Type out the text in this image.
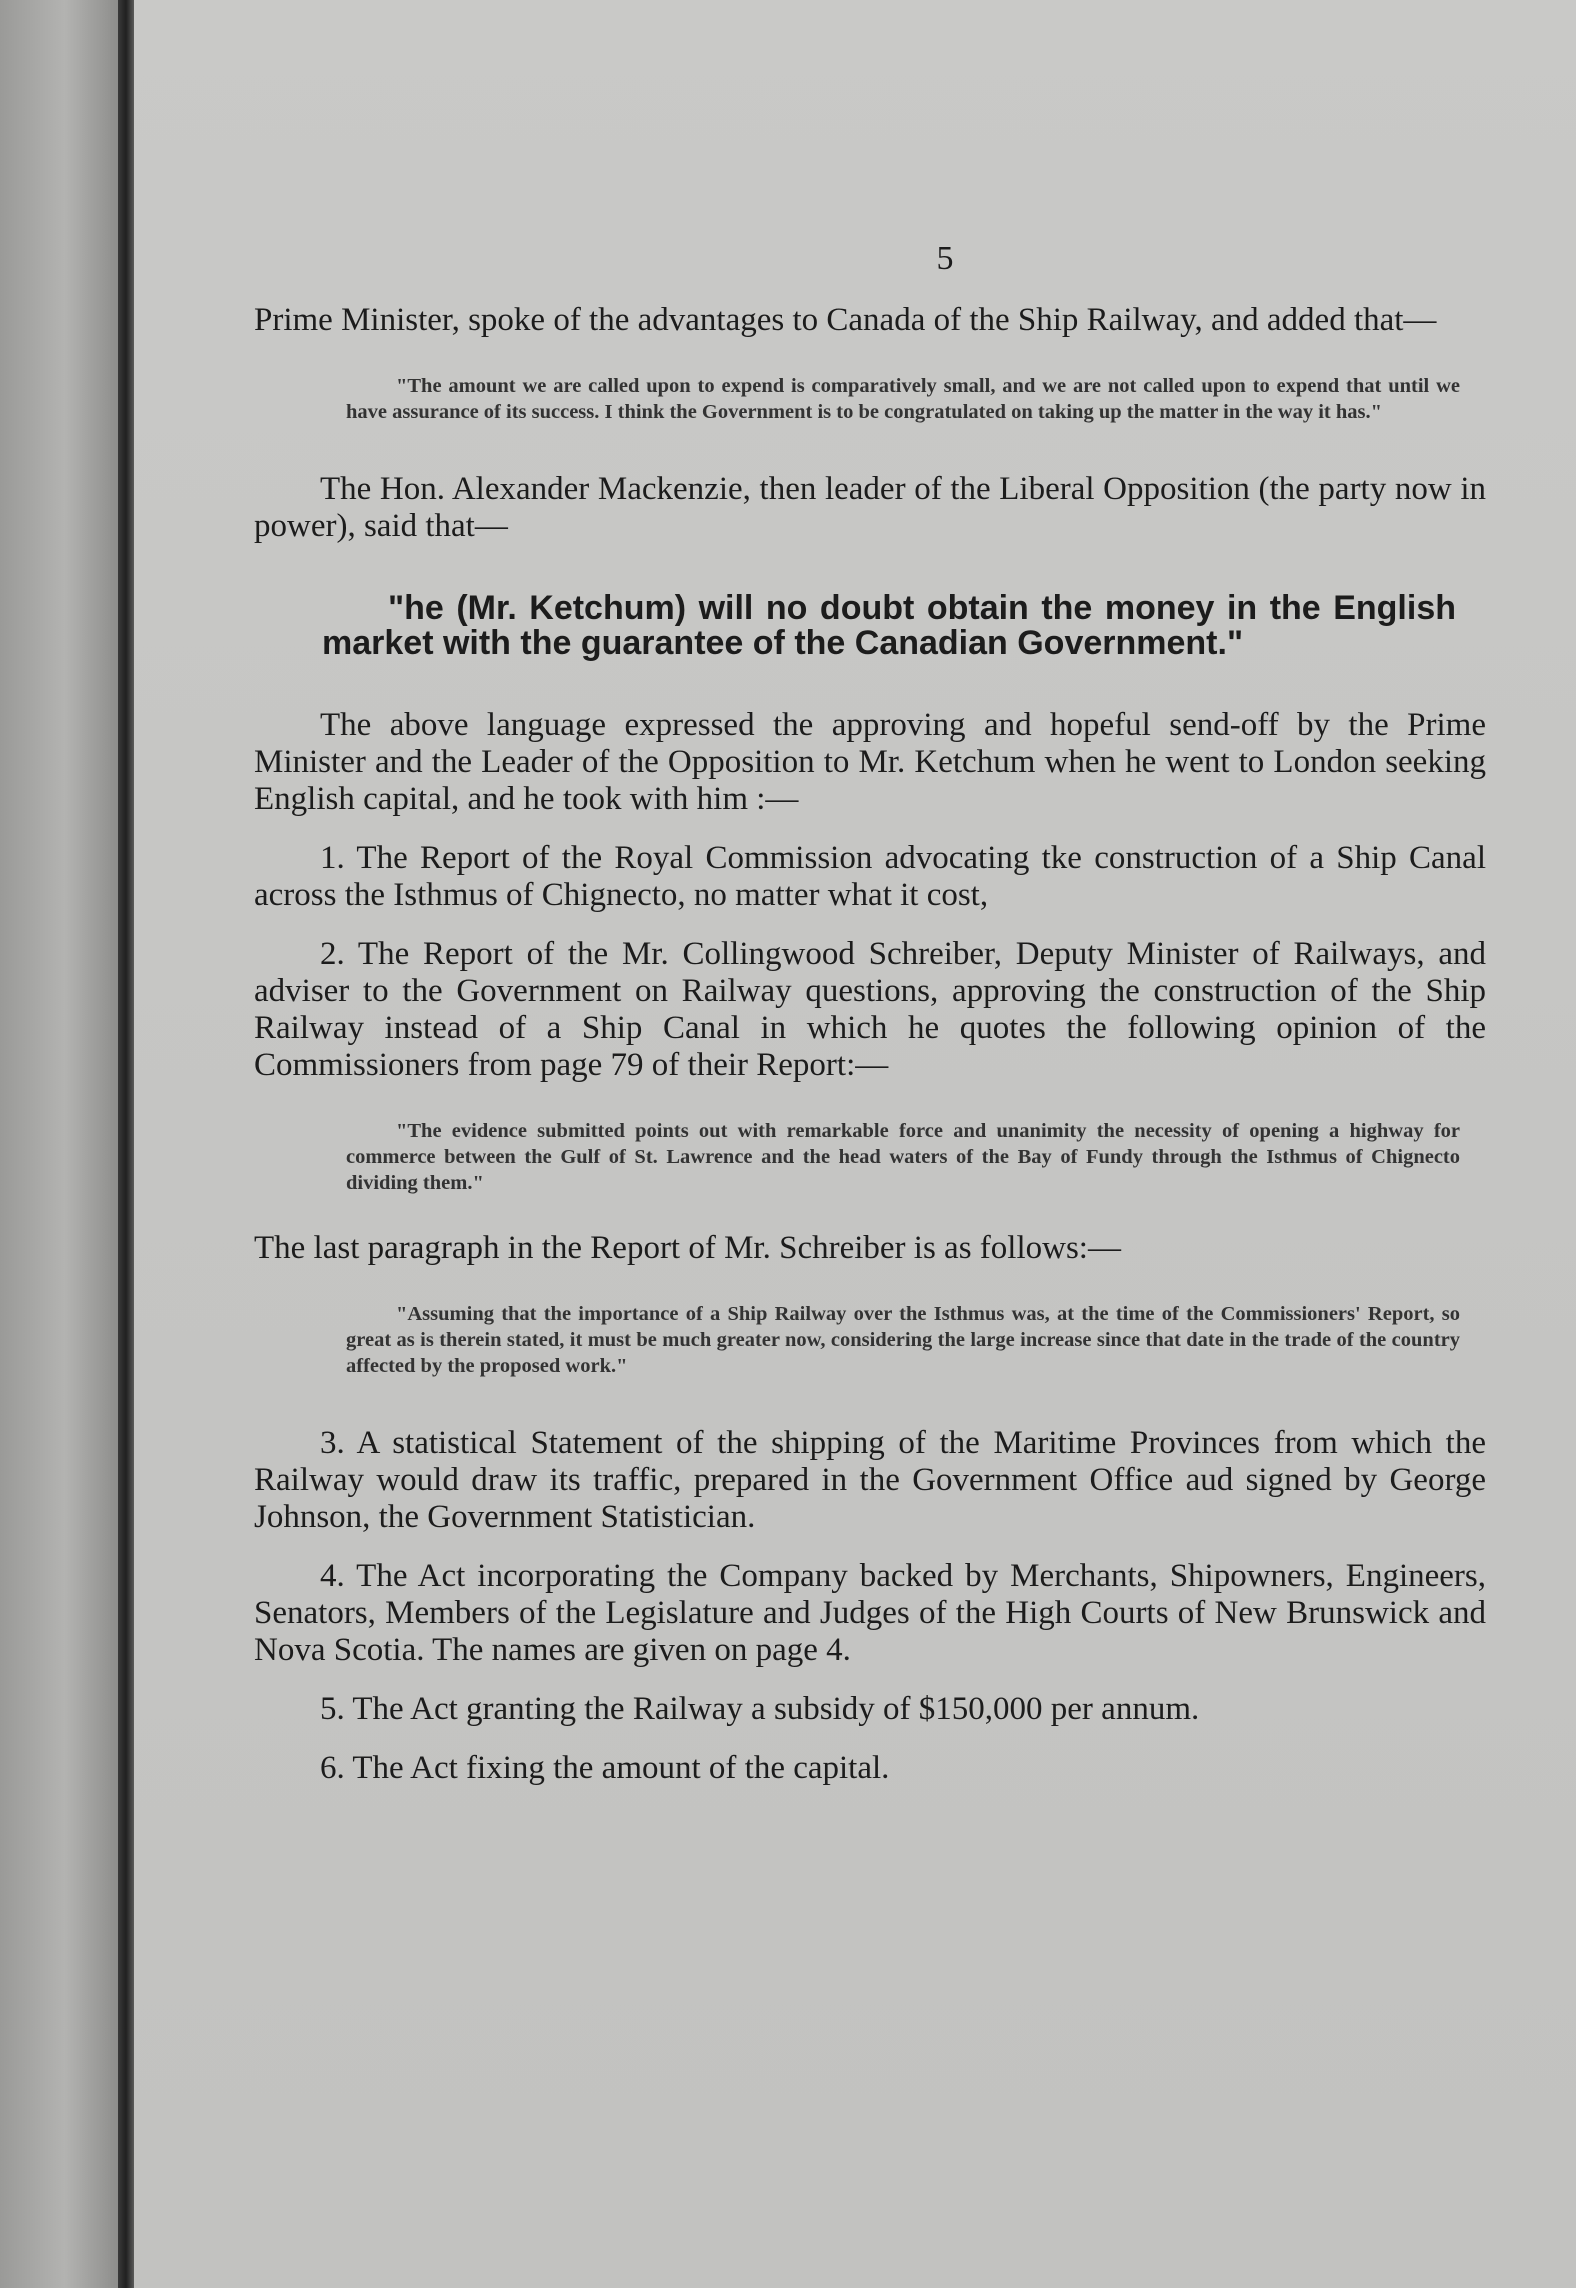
5

Prime Minister, spoke of the advantages to Canada of the Ship Railway, and added that—

"The amount we are called upon to expend is comparatively small, and we are not called upon to expend that until we have assurance of its success. I think the Government is to be congratulated on taking up the matter in the way it has."

The Hon. Alexander Mackenzie, then leader of the Liberal Opposition (the party now in power), said that—

"he (Mr. Ketchum) will no doubt obtain the money in the English market with the guarantee of the Canadian Government."

The above language expressed the approving and hopeful send-off by the Prime Minister and the Leader of the Opposition to Mr. Ketchum when he went to London seeking English capital, and he took with him :—

1. The Report of the Royal Commission advocating tke construction of a Ship Canal across the Isthmus of Chignecto, no matter what it cost,

2. The Report of the Mr. Collingwood Schreiber, Deputy Minister of Railways, and adviser to the Government on Railway questions, approving the construction of the Ship Railway instead of a Ship Canal in which he quotes the following opinion of the Commissioners from page 79 of their Report:—

"The evidence submitted points out with remarkable force and unanimity the necessity of opening a highway for commerce between the Gulf of St. Lawrence and the head waters of the Bay of Fundy through the Isthmus of Chignecto dividing them."

The last paragraph in the Report of Mr. Schreiber is as follows:—

"Assuming that the importance of a Ship Railway over the Isthmus was, at the time of the Commissioners' Report, so great as is therein stated, it must be much greater now, considering the large increase since that date in the trade of the country affected by the proposed work."

3. A statistical Statement of the shipping of the Maritime Provinces from which the Railway would draw its traffic, prepared in the Government Office aud signed by George Johnson, the Government Statistician.

4. The Act incorporating the Company backed by Merchants, Shipowners, Engineers, Senators, Members of the Legislature and Judges of the High Courts of New Brunswick and Nova Scotia. The names are given on page 4.

5. The Act granting the Railway a subsidy of $150,000 per annum.

6. The Act fixing the amount of the capital.
